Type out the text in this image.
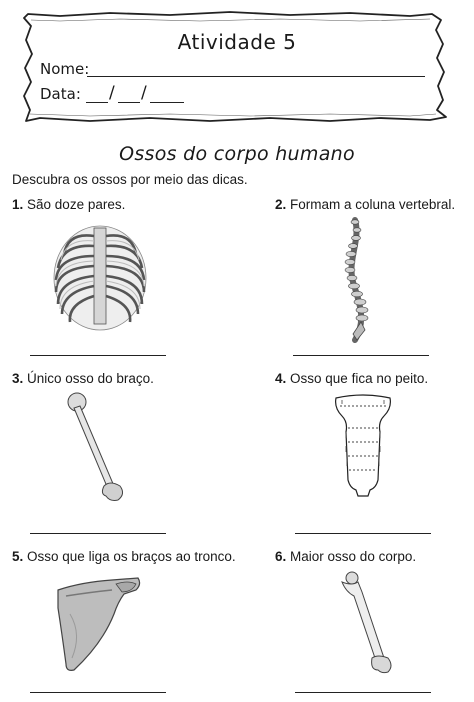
Atividade 5
Nome:
Data: / /
Ossos do corpo humano
Descubra os ossos por meio das dicas.
1. São doze pares.	2. Formam a coluna vertebral.
3. Único osso do braço.	4. Osso que fica no peito.
5. Osso que liga os braços ao tronco.	6. Maior osso do corpo.
